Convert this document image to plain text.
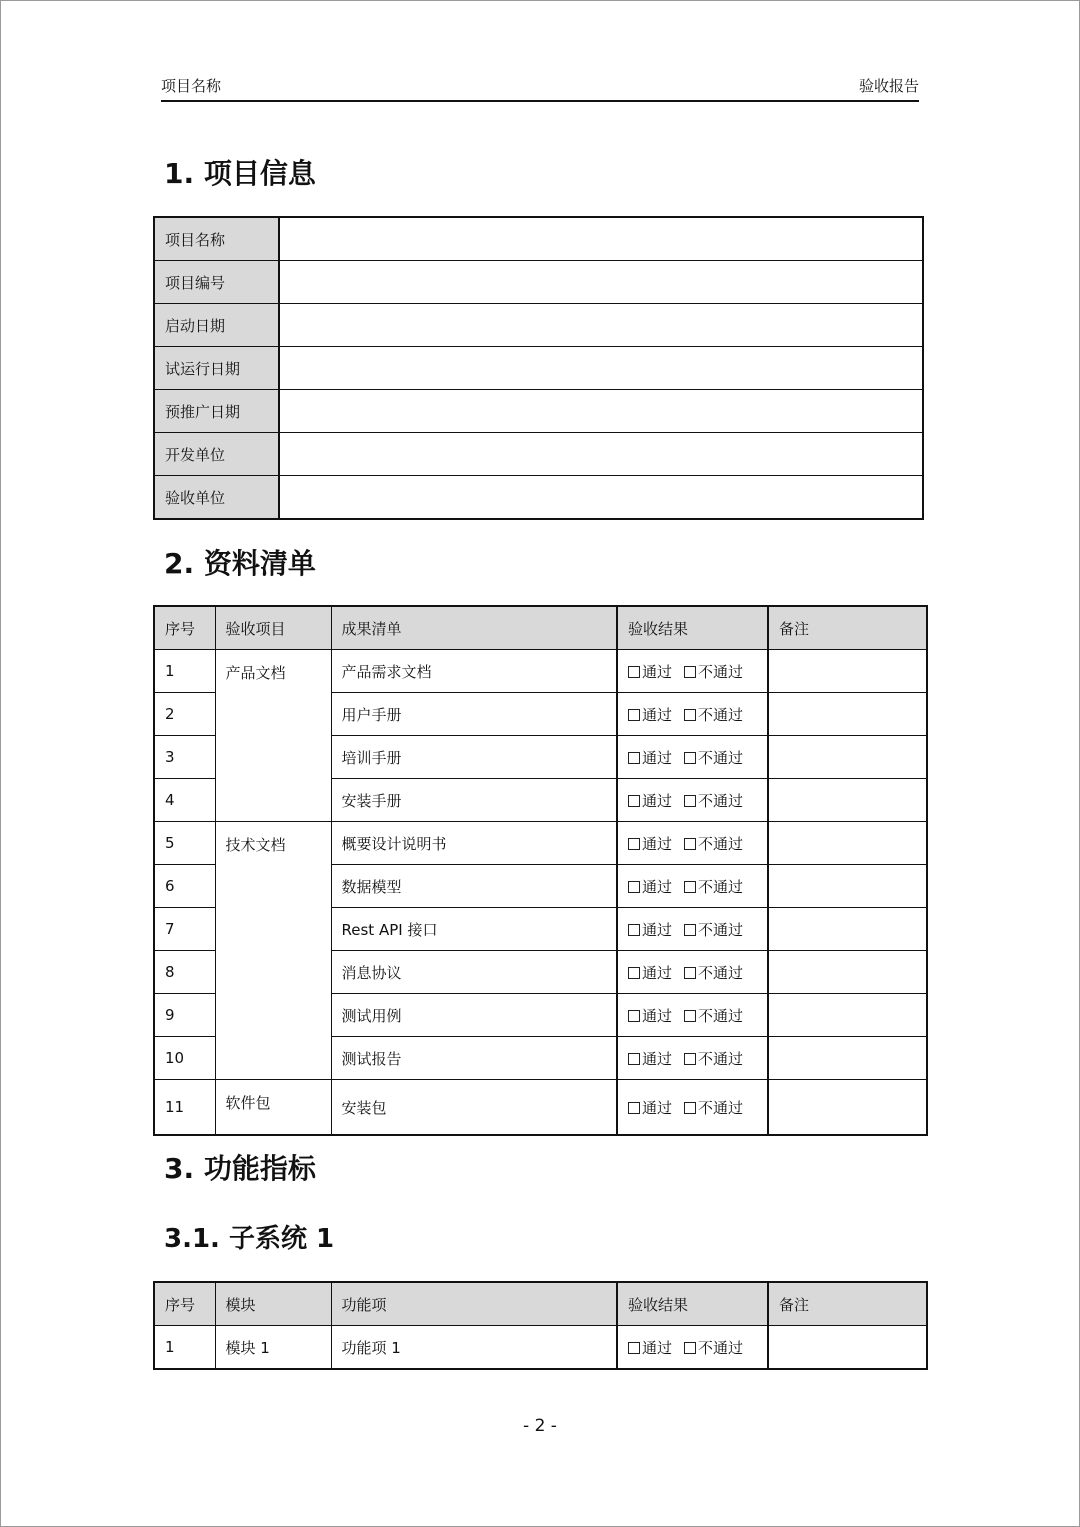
项目名称	验收报告
1. 项目信息
项目名称	
项目编号	
启动日期	
试运行日期	
预推广日期	
开发单位	
验收单位	
2. 资料清单
序号	验收项目	成果清单	验收结果	备注
1	产品文档	产品需求文档	通过 不通过	
2		用户手册	通过 不通过	
3		培训手册	通过 不通过	
4		安装手册	通过 不通过	
5	技术文档	概要设计说明书	通过 不通过	
6		数据模型	通过 不通过	
7		Rest API 接口	通过 不通过	
8		消息协议	通过 不通过	
9		测试用例	通过 不通过	
10		测试报告	通过 不通过	
11	软件包	安装包	通过 不通过	
3. 功能指标
3.1. 子系统 1
序号	模块	功能项	验收结果	备注
1	模块 1	功能项 1	通过 不通过	
- 2 -
